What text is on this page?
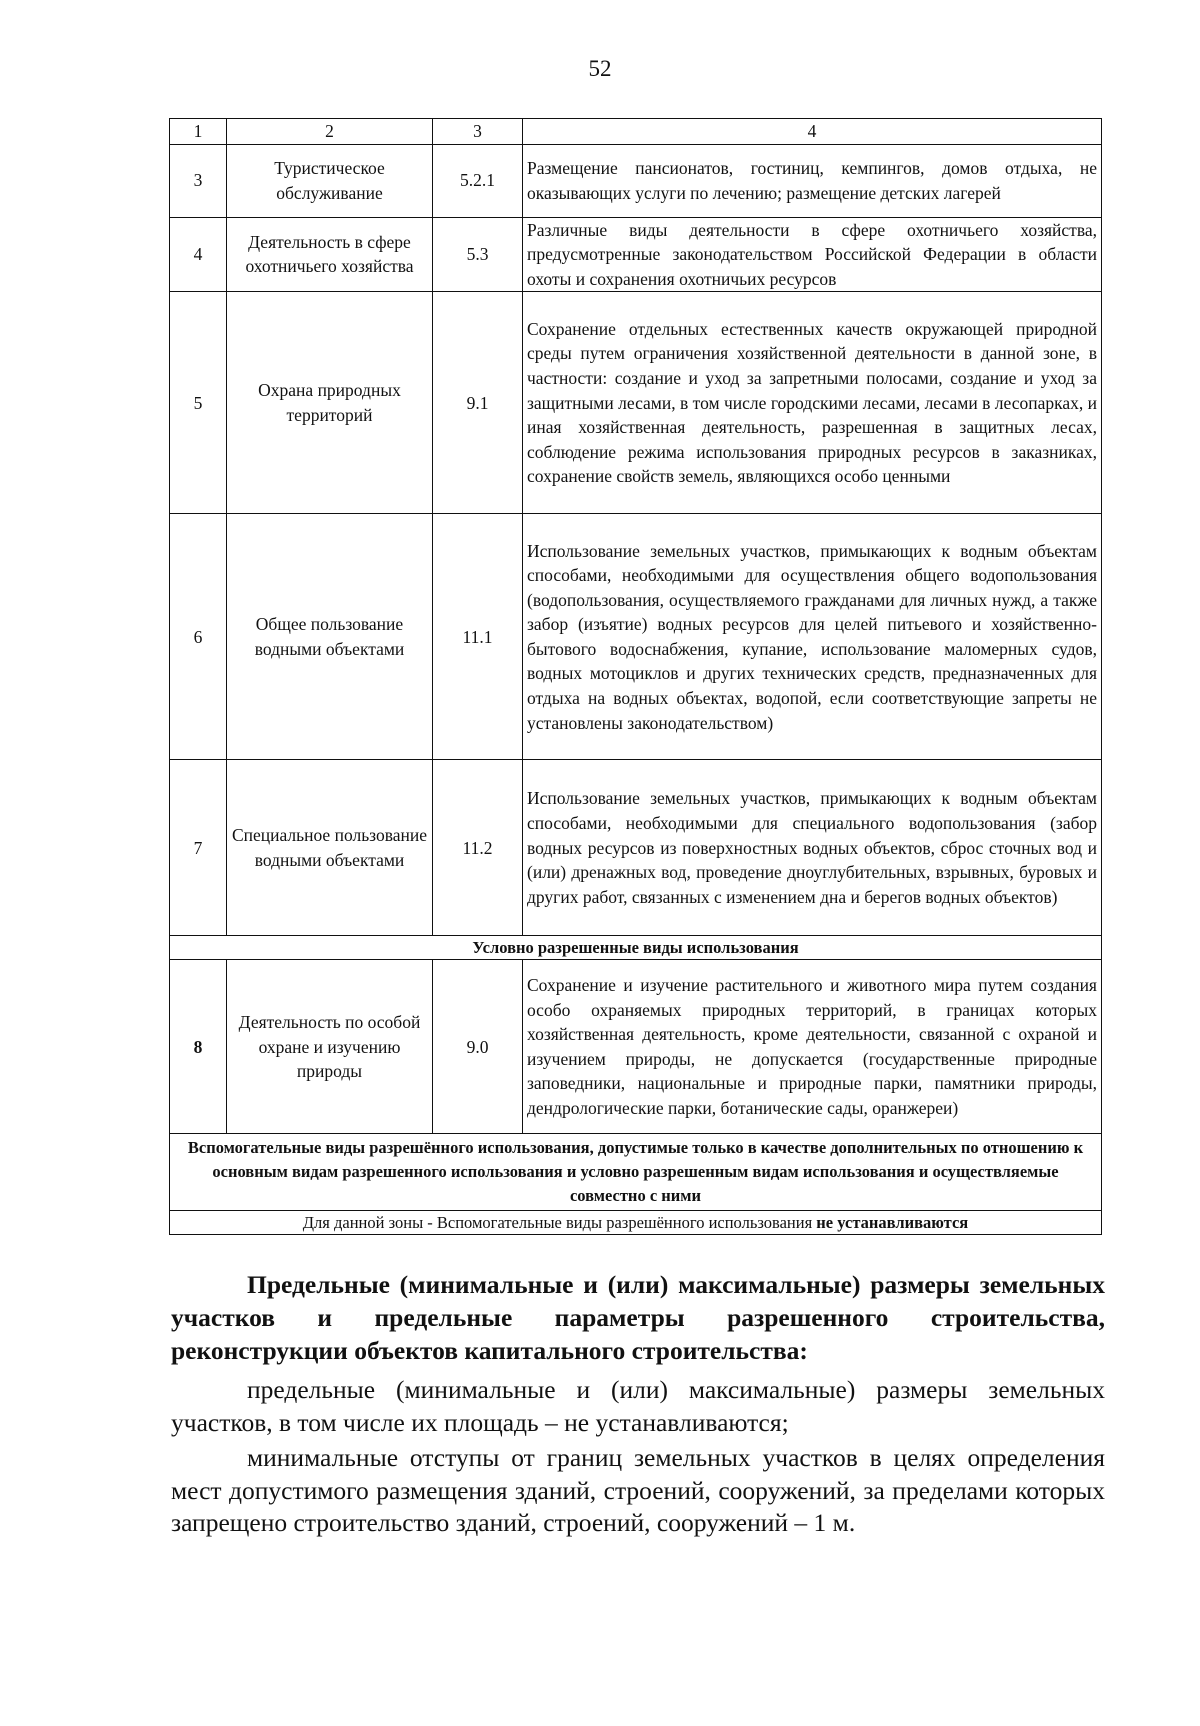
52
1	2	3	4
3	Туристическое обслуживание	5.2.1	Размещение пансионатов, гостиниц, кемпингов, домов отдыха, не оказывающих услуги по лечению; размещение детских лагерей
4	Деятельность в сфере охотничьего хозяйства	5.3	Различные виды деятельности в сфере охотничьего хозяйства, предусмотренные законодательством Российской Федерации в области охоты и сохранения охотничьих ресурсов
5	Охрана природных территорий	9.1	Сохранение отдельных естественных качеств окружающей природной среды путем ограничения хозяйственной деятельности в данной зоне, в частности: создание и уход за запретными полосами, создание и уход за защитными лесами, в том числе городскими лесами, лесами в лесопарках, и иная хозяйственная деятельность, разрешенная в защитных лесах, соблюдение режима использования природных ресурсов в заказниках, сохранение свойств земель, являющихся особо ценными
6	Общее пользование водными объектами	11.1	Использование земельных участков, примыкающих к водным объектам способами, необходимыми для осуществления общего водопользования (водопользования, осуществляемого гражданами для личных нужд, а также забор (изъятие) водных ресурсов для целей питьевого и хозяйственно-бытового водоснабжения, купание, использование маломерных судов, водных мотоциклов и других технических средств, предназначенных для отдыха на водных объектах, водопой, если соответствующие запреты не установлены законодательством)
7	Специальное пользование водными объектами	11.2	Использование земельных участков, примыкающих к водным объектам способами, необходимыми для специального водопользования (забор водных ресурсов из поверхностных водных объектов, сброс сточных вод и (или) дренажных вод, проведение дноуглубительных, взрывных, буровых и других работ, связанных с изменением дна и берегов водных объектов)
Условно разрешенные виды использования			
8	Деятельность по особой охране и изучению природы	9.0	Сохранение и изучение растительного и животного мира путем создания особо охраняемых природных территорий, в границах которых хозяйственная деятельность, кроме деятельности, связанной с охраной и изучением природы, не допускается (государственные природные заповедники, национальные и природные парки, памятники природы, дендрологические парки, ботанические сады, оранжереи)
Вспомогательные виды разрешённого использования, допустимые только в качестве дополнительных по отношению к основным видам разрешенного использования и условно разрешенным видам использования и осуществляемые совместно с ними			
Для данной зоны - Вспомогательные виды разрешённого использования не устанавливаются			
Предельные (минимальные и (или) максимальные) размеры земельных участков и предельные параметры разрешенного строительства, реконструкции объектов капитального строительства:
предельные (минимальные и (или) максимальные) размеры земельных участков, в том числе их площадь – не устанавливаются;
минимальные отступы от границ земельных участков в целях определения мест допустимого размещения зданий, строений, сооружений, за пределами которых запрещено строительство зданий, строений, сооружений – 1 м.
